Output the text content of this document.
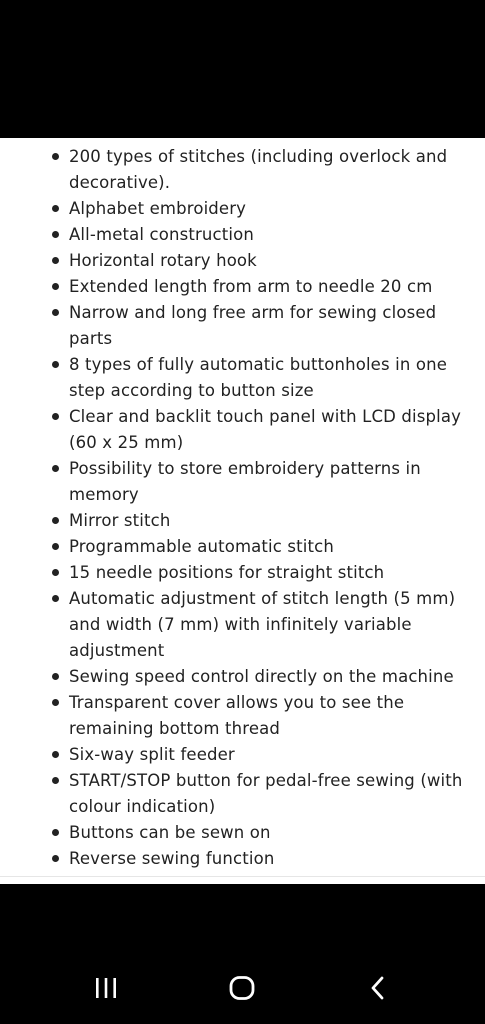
200 types of stitches (including overlock and decorative).
Alphabet embroidery
All-metal construction
Horizontal rotary hook
Extended length from arm to needle 20 cm
Narrow and long free arm for sewing closed parts
8 types of fully automatic buttonholes in one step according to button size
Clear and backlit touch panel with LCD display (60 x 25 mm)
Possibility to store embroidery patterns in memory
Mirror stitch
Programmable automatic stitch
15 needle positions for straight stitch
Automatic adjustment of stitch length (5 mm) and width (7 mm) with infinitely variable adjustment
Sewing speed control directly on the machine
Transparent cover allows you to see the remaining bottom thread
Six-way split feeder
START/STOP button for pedal-free sewing (with colour indication)
Buttons can be sewn on
Reverse sewing function
